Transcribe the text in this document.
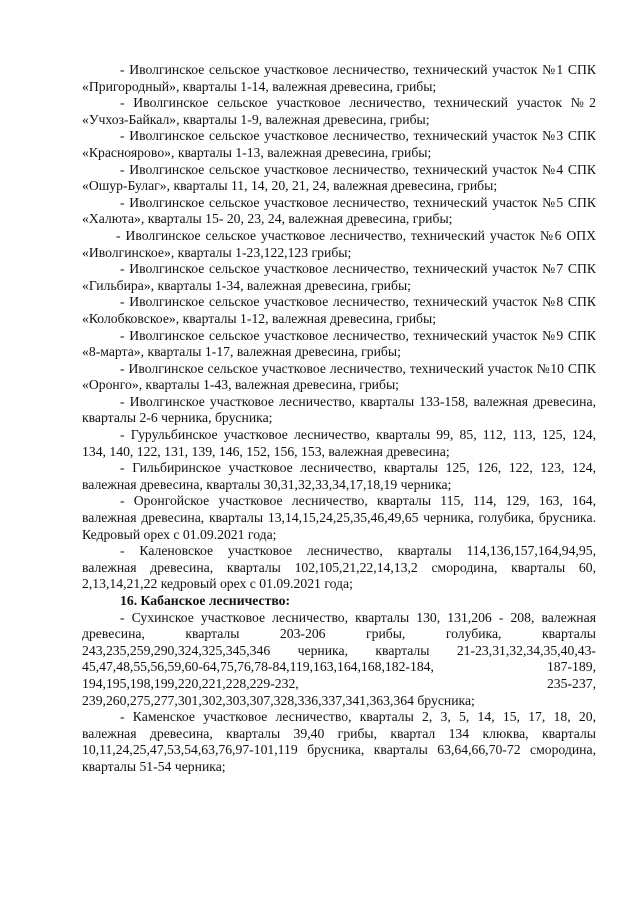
- Иволгинское сельское участковое лесничество, технический участок №1 СПК «Пригородный», кварталы 1-14, валежная древесина, грибы;

- Иволгинское сельское участковое лесничество, технический участок №2 «Учхоз-Байкал», кварталы 1-9, валежная древесина, грибы;

- Иволгинское сельское участковое лесничество, технический участок №3 СПК «Краснояровo», кварталы 1-13, валежная древесина, грибы;

- Иволгинское сельское участковое лесничество, технический участок №4 СПК «Ошур-Булаг», кварталы 11, 14, 20, 21, 24, валежная древесина, грибы;

- Иволгинское сельское участковое лесничество, технический участок №5 СПК «Халюта», кварталы 15- 20, 23, 24, валежная древесина, грибы;

- Иволгинское сельское участковое лесничество, технический участок №6 ОПХ «Иволгинское», кварталы 1-23,122,123 грибы;

- Иволгинское сельское участковое лесничество, технический участок №7 СПК «Гильбира», кварталы 1-34, валежная древесина, грибы;

- Иволгинское сельское участковое лесничество, технический участок №8 СПК «Колобковское», кварталы 1-12, валежная древесина, грибы;

- Иволгинское сельское участковое лесничество, технический участок №9 СПК «8-марта», кварталы 1-17, валежная древесина, грибы;

- Иволгинское сельское участковое лесничество, технический участок №10 СПК «Оронго», кварталы 1-43, валежная древесина, грибы;

- Иволгинское участковое лесничество, кварталы 133-158, валежная древесина, кварталы 2-6 черника, брусника;

- Гурульбинское участковое лесничество, кварталы 99, 85, 112, 113, 125, 124, 134, 140, 122, 131, 139, 146, 152, 156, 153, валежная древесина;

- Гильбиринское участковое лесничество, кварталы 125, 126, 122, 123, 124, валежная древесина, кварталы 30,31,32,33,34,17,18,19 черника;

- Оронгойское участковое лесничество, кварталы 115, 114, 129, 163, 164, валежная древесина, кварталы 13,14,15,24,25,35,46,49,65 черника, голубика, брусника. Кедровый орех с 01.09.2021 года;

- Каленовское участковое лесничество, кварталы 114,136,157,164,94,95, валежная древесина, кварталы 102,105,21,22,14,13,2 смородина, кварталы 60, 2,13,14,21,22 кедровый орех с 01.09.2021 года;

16. Кабанское лесничество:

- Сухинское участковое лесничество, кварталы 130, 131,206 - 208, валежная древесина, кварталы 203-206 грибы, голубика, кварталы 243,235,259,290,324,325,345,346 черника, кварталы 21-23,31,32,34,35,40,43-45,47,48,55,56,59,60-64,75,76,78-84,119,163,164,168,182-184, 187-189, 194,195,198,199,220,221,228,229-232, 235-237, 239,260,275,277,301,302,303,307,328,336,337,341,363,364 брусника;

- Каменское участковое лесничество, кварталы 2, 3, 5, 14, 15, 17, 18, 20, валежная древесина, кварталы 39,40 грибы, квартал 134 клюква, кварталы 10,11,24,25,47,53,54,63,76,97-101,119 брусника, кварталы 63,64,66,70-72 смородина, кварталы 51-54 черника;
